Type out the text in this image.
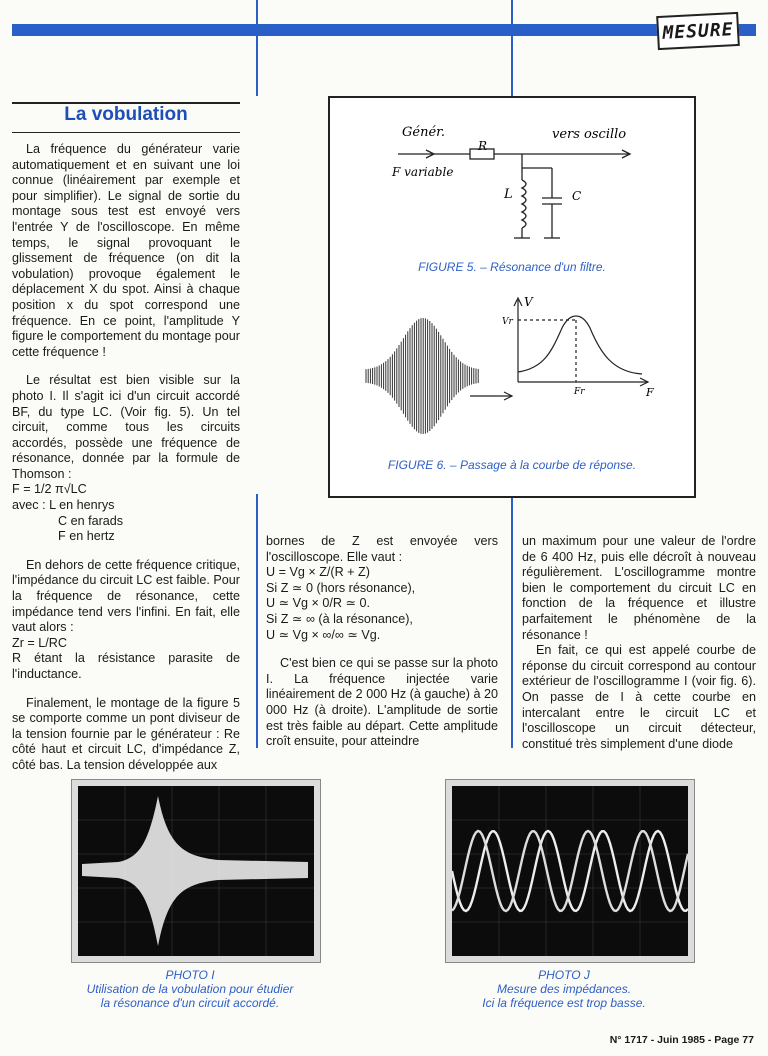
MESURE
La vobulation

La fréquence du générateur varie automatiquement et en suivant une loi connue (linéairement par exemple et pour simplifier). Le signal de sortie du montage sous test est envoyé vers l'entrée Y de l'oscilloscope. En même temps, le signal provoquant le glissement de fréquence (on dit la vobulation) provoque également le déplacement X du spot. Ainsi à chaque position x du spot correspond une fréquence. En ce point, l'amplitude Y figure le comportement du montage pour cette fréquence !

Le résultat est bien visible sur la photo I. Il s'agit ici d'un circuit accordé BF, du type LC. (Voir fig. 5). Un tel circuit, comme tous les circuits accordés, possède une fréquence de résonance, donnée par la formule de Thomson :

F = 1/2 π√LC
avec : L en henrys
C en farads
F en hertz

En dehors de cette fréquence critique, l'impédance du circuit LC est faible. Pour la fréquence de résonance, cette impédance tend vers l'infini. En fait, elle vaut alors :

Zr = L/RC

R étant la résistance parasite de l'inductance.

Finalement, le montage de la figure 5 se comporte comme un pont diviseur de la tension fournie par le générateur : Re côté haut et circuit LC, d'impédance Z, côté bas. La tension développée aux

bornes de Z est envoyée vers l'oscilloscope. Elle vaut :

U = Vg × Z/(R + Z)
Si Z ≃ 0 (hors résonance),
U ≃ Vg × 0/R ≃ 0.
Si Z ≃ ∞ (à la résonance),
U ≃ Vg × ∞/∞ ≃ Vg.

C'est bien ce qui se passe sur la photo I. La fréquence injectée varie linéairement de 2 000 Hz (à gauche) à 20 000 Hz (à droite). L'amplitude de sortie est très faible au départ. Cette amplitude croît ensuite, pour atteindre

un maximum pour une valeur de l'ordre de 6 400 Hz, puis elle décroît à nouveau régulièrement. L'oscillogramme montre bien le comportement du circuit LC en fonction de la fréquence et illustre parfaitement le phénomène de la résonance !

En fait, ce qui est appelé courbe de réponse du circuit correspond au contour extérieur de l'oscillogramme I (voir fig. 6). On passe de I à cette courbe en intercalant entre le circuit LC et l'oscilloscope un circuit détecteur, constitué très simplement d'une diode

Génér.
F variable
R
vers oscillo
L	C
FIGURE 5. – Résonance d'un filtre.
V
Vr
Fr	F
FIGURE 6. – Passage à la courbe de réponse.
PHOTO I
Utilisation de la vobulation pour étudier
la résonance d'un circuit accordé.
PHOTO J
Mesure des impédances.
Ici la fréquence est trop basse.
N° 1717 - Juin 1985 - Page 77
